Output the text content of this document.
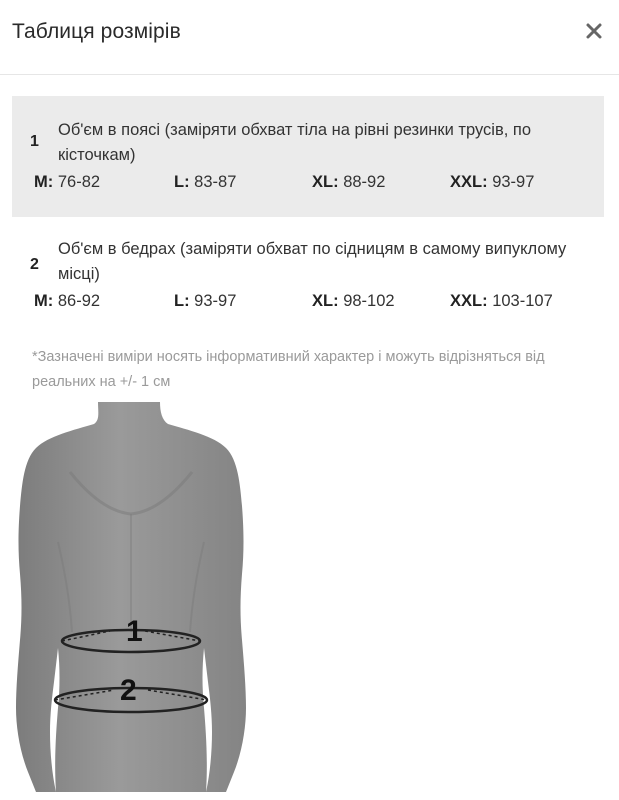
Таблиця розмірів
1
Об'єм в поясі (заміряти обхват тіла на рівні резинки трусів, по кісточкам)
M: 76-82	L: 83-87	XL: 88-92	XXL: 93-97
2
Об'єм в бедрах (заміряти обхват по сідницям в самому випуклому місці)
M: 86-92	L: 93-97	XL: 98-102	XXL: 103-107
*Зазначені виміри носять інформативний характер і можуть відрізняться від реальних на +/- 1 см
1
2
